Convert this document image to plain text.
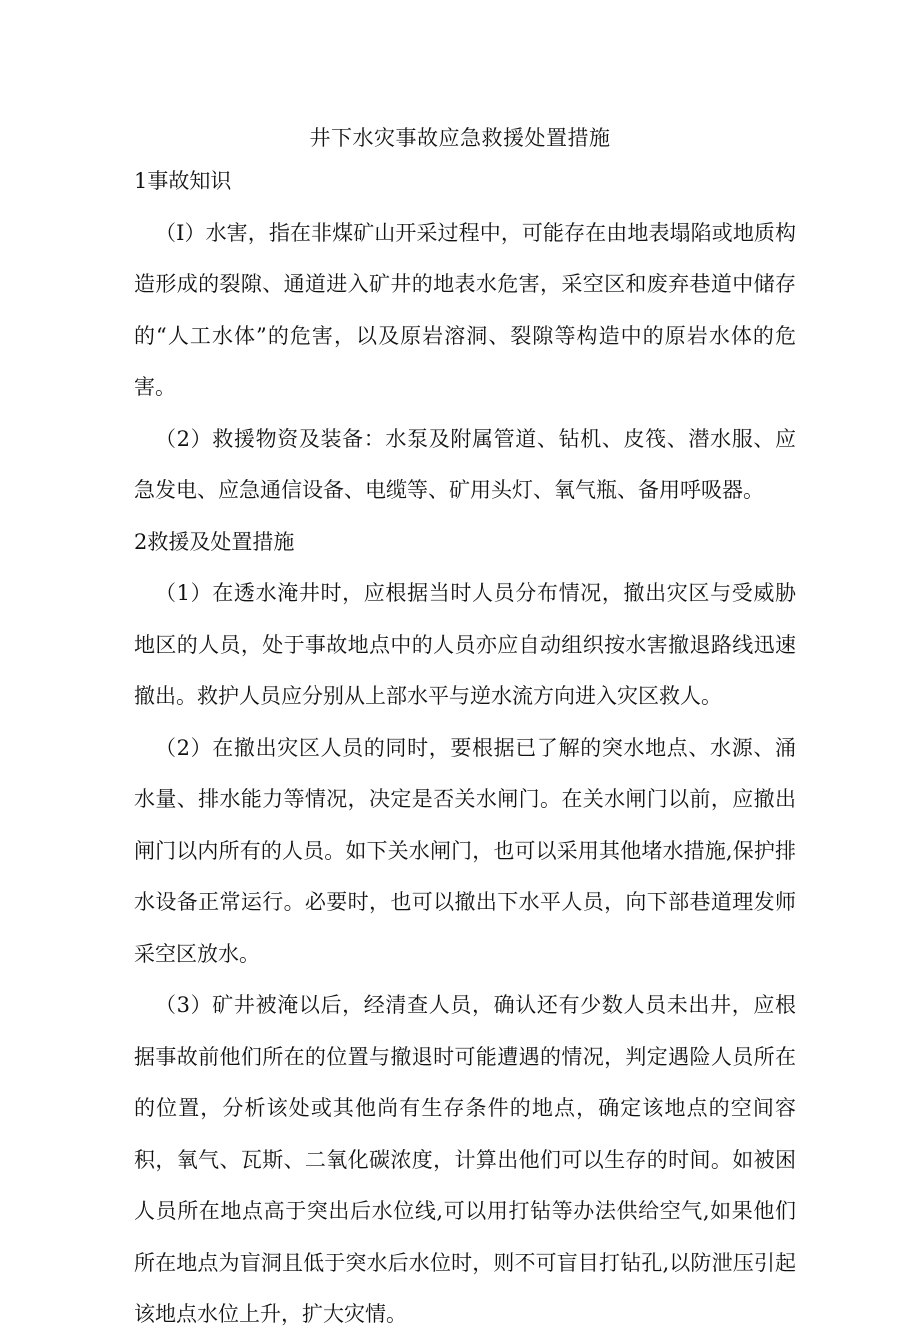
井下水灾事故应急救援处置措施
1事故知识

（I）水害，指在非煤矿山开采过程中，可能存在由地表塌陷或地质构造形成的裂隙、通道进入矿井的地表水危害，采空区和废弃巷道中储存的“人工水体”的危害，以及原岩溶洞、裂隙等构造中的原岩水体的危害。

（2）救援物资及装备：水泵及附属管道、钻机、皮筏、潜水服、应急发电、应急通信设备、电缆等、矿用头灯、氧气瓶、备用呼吸器。

2救援及处置措施

（1）在透水淹井时，应根据当时人员分布情况，撤出灾区与受威胁地区的人员，处于事故地点中的人员亦应自动组织按水害撤退路线迅速撤出。救护人员应分别从上部水平与逆水流方向进入灾区救人。

（2）在撤出灾区人员的同时，要根据已了解的突水地点、水源、涌水量、排水能力等情况，决定是否关水闸门。在关水闸门以前，应撤出闸门以内所有的人员。如下关水闸门，也可以采用其他堵水措施,保护排水设备正常运行。必要时，也可以撤出下水平人员，向下部巷道理发师采空区放水。

（3）矿井被淹以后，经清查人员，确认还有少数人员未出井，应根据事故前他们所在的位置与撤退时可能遭遇的情况，判定遇险人员所在的位置，分析该处或其他尚有生存条件的地点，确定该地点的空间容积，氧气、瓦斯、二氧化碳浓度，计算出他们可以生存的时间。如被困人员所在地点高于突出后水位线,可以用打钻等办法供给空气,如果他们所在地点为盲洞且低于突水后水位时，则不可盲目打钻孔,以防泄压引起该地点水位上升，扩大灾情。
